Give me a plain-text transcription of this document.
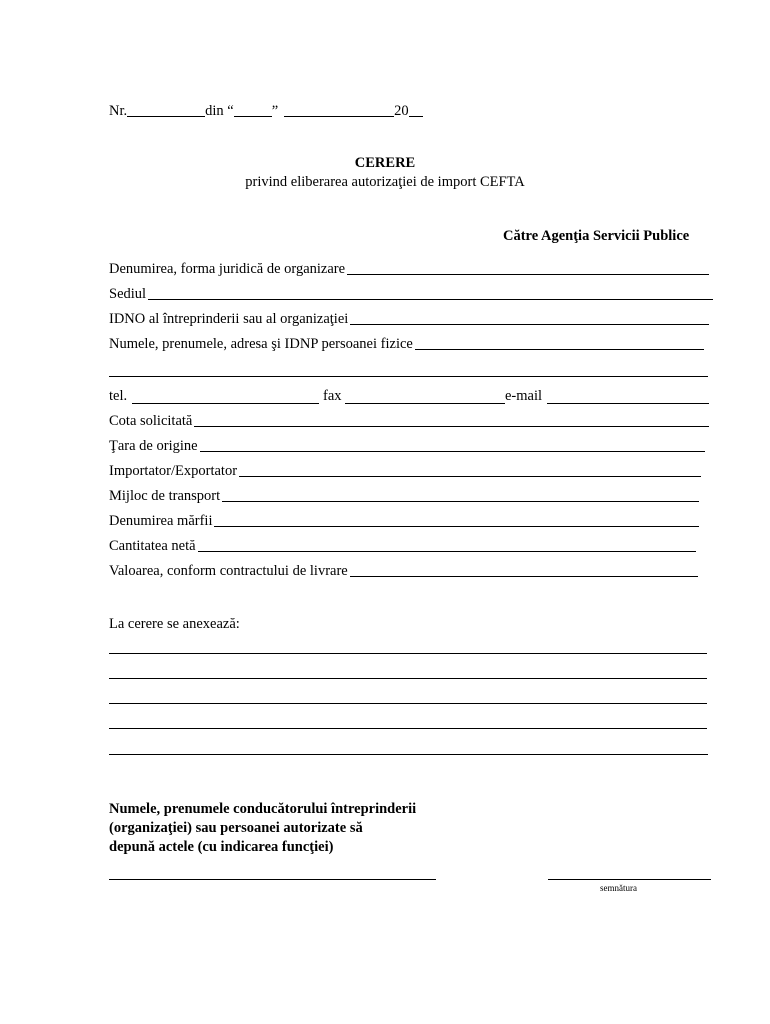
Nr.	din “	”	20
CERERE
privind eliberarea autorizaţiei de import CEFTA
Către Agenţia Servicii Publice
Denumirea, forma juridică de organizare
Sediul
IDNO al întreprinderii sau al organizaţiei
Numele, prenumele, adresa şi IDNP persoanei fizice
tel.	fax	e-mail
Cota solicitată
Ţara de origine
Importator/Exportator
Mijloc de transport
Denumirea mărfii
Cantitatea netă
Valoarea, conform contractului de livrare
La cerere se anexează:
Numele, prenumele conducătorului întreprinderii
(organizaţiei) sau persoanei autorizate să
depună actele (cu indicarea funcţiei)
semnătura
